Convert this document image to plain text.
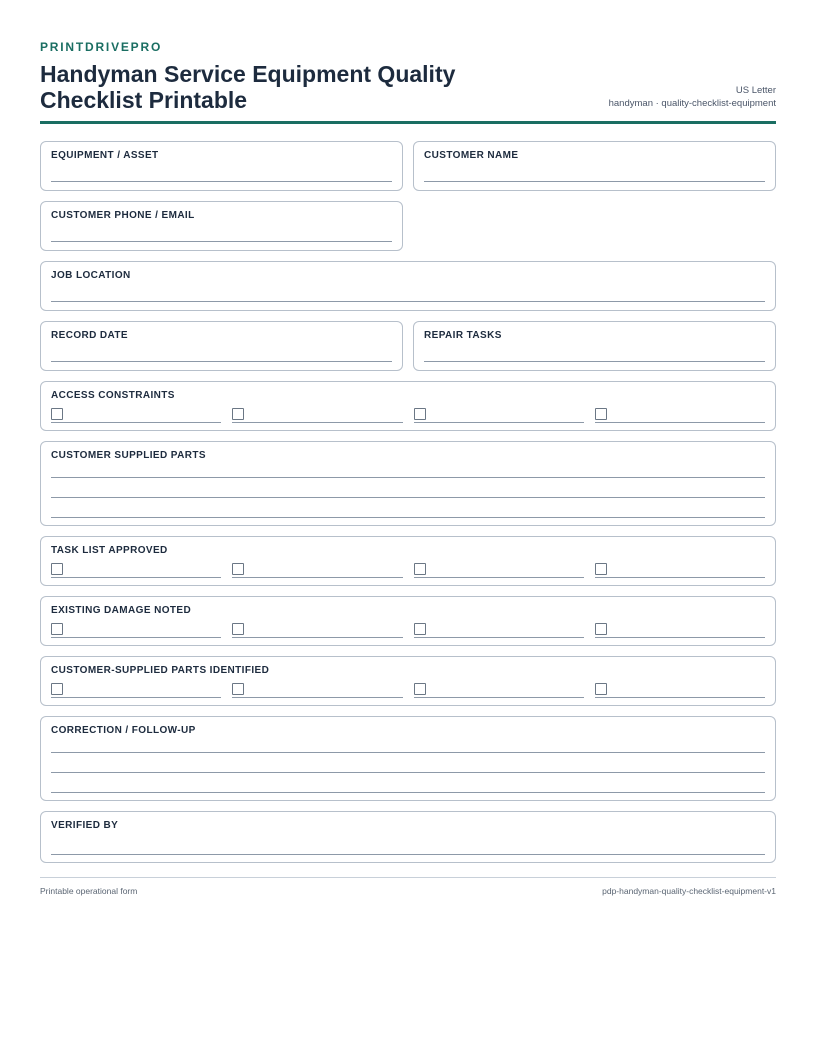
PRINTDRIVEPRO
Handyman Service Equipment Quality Checklist Printable	US Letter
handyman · quality-checklist-equipment
EQUIPMENT / ASSET	CUSTOMER NAME
CUSTOMER PHONE / EMAIL
JOB LOCATION
RECORD DATE	REPAIR TASKS
ACCESS CONSTRAINTS
CUSTOMER SUPPLIED PARTS
TASK LIST APPROVED
EXISTING DAMAGE NOTED
CUSTOMER-SUPPLIED PARTS IDENTIFIED
CORRECTION / FOLLOW-UP
VERIFIED BY
Printable operational form	pdp-handyman-quality-checklist-equipment-v1
